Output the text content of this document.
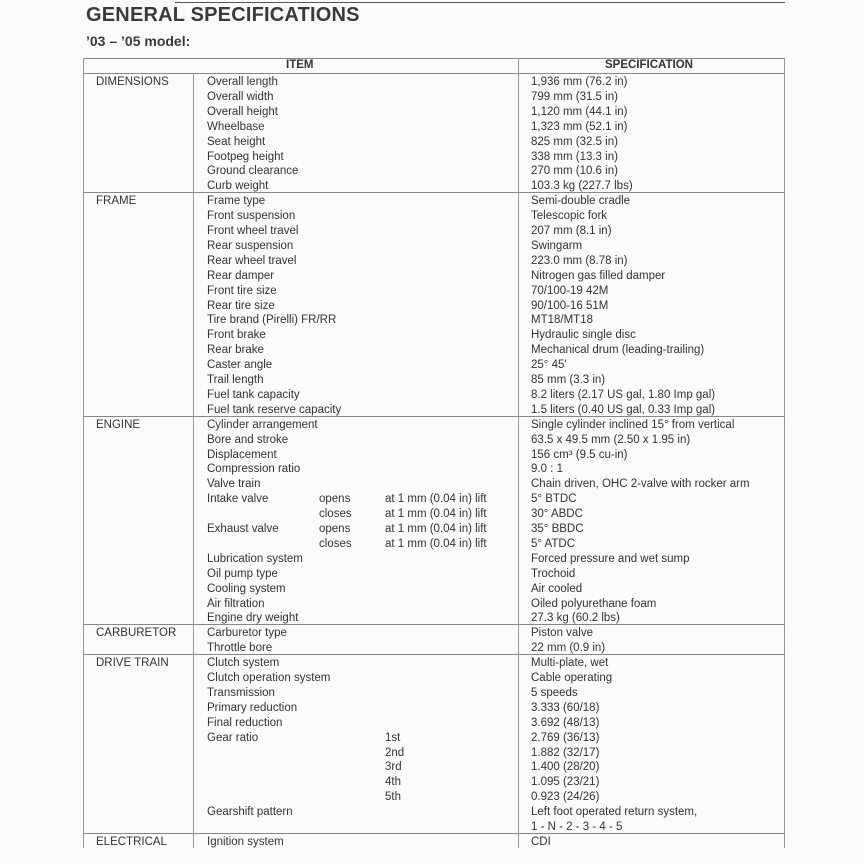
GENERAL SPECIFICATIONS
’03 – ’05 model:
ITEM	SPECIFICATION
DIMENSIONS	Overall length	1,936 mm (76.2 in)
Overall width	799 mm (31.5 in)
Overall height	1,120 mm (44.1 in)
Wheelbase	1,323 mm (52.1 in)
Seat height	825 mm (32.5 in)
Footpeg height	338 mm (13.3 in)
Ground clearance	270 mm (10.6 in)
Curb weight	103.3 kg (227.7 lbs)
FRAME	Frame type	Semi-double cradle
Front suspension	Telescopic fork
Front wheel travel	207 mm (8.1 in)
Rear suspension	Swingarm
Rear wheel travel	223.0 mm (8.78 in)
Rear damper	Nitrogen gas filled damper
Front tire size	70/100-19 42M
Rear tire size	90/100-16 51M
Tire brand (Pirelli) FR/RR	MT18/MT18
Front brake	Hydraulic single disc
Rear brake	Mechanical drum (leading-trailing)
Caster angle	25° 45′
Trail length	85 mm (3.3 in)
Fuel tank capacity	8.2 liters (2.17 US gal, 1.80 Imp gal)
Fuel tank reserve capacity	1.5 liters (0.40 US gal, 0.33 Imp gal)
ENGINE	Cylinder arrangement	Single cylinder inclined 15° from vertical
Bore and stroke	63.5 x 49.5 mm (2.50 x 1.95 in)
Displacement	156 cm³ (9.5 cu-in)
Compression ratio	9.0 : 1
Valve train	Chain driven, OHC 2-valve with rocker arm
Intake valve	opens	at 1 mm (0.04 in) lift	5° BTDC
closes	at 1 mm (0.04 in) lift	30° ABDC
Exhaust valve	opens	at 1 mm (0.04 in) lift	35° BBDC
closes	at 1 mm (0.04 in) lift	5° ATDC
Lubrication system	Forced pressure and wet sump
Oil pump type	Trochoid
Cooling system	Air cooled
Air filtration	Oiled polyurethane foam
Engine dry weight	27.3 kg (60.2 lbs)
CARBURETOR	Carburetor type	Piston valve
Throttle bore	22 mm (0.9 in)
DRIVE TRAIN	Clutch system	Multi-plate, wet
Clutch operation system	Cable operating
Transmission	5 speeds
Primary reduction	3.333 (60/18)
Final reduction	3.692 (48/13)
Gear ratio	1st	2.769 (36/13)
2nd	1.882 (32/17)
3rd	1.400 (28/20)
4th	1.095 (23/21)
5th	0.923 (24/26)
Gearshift pattern	Left foot operated return system,
1 - N - 2 - 3 - 4 - 5
ELECTRICAL	Ignition system	CDI
